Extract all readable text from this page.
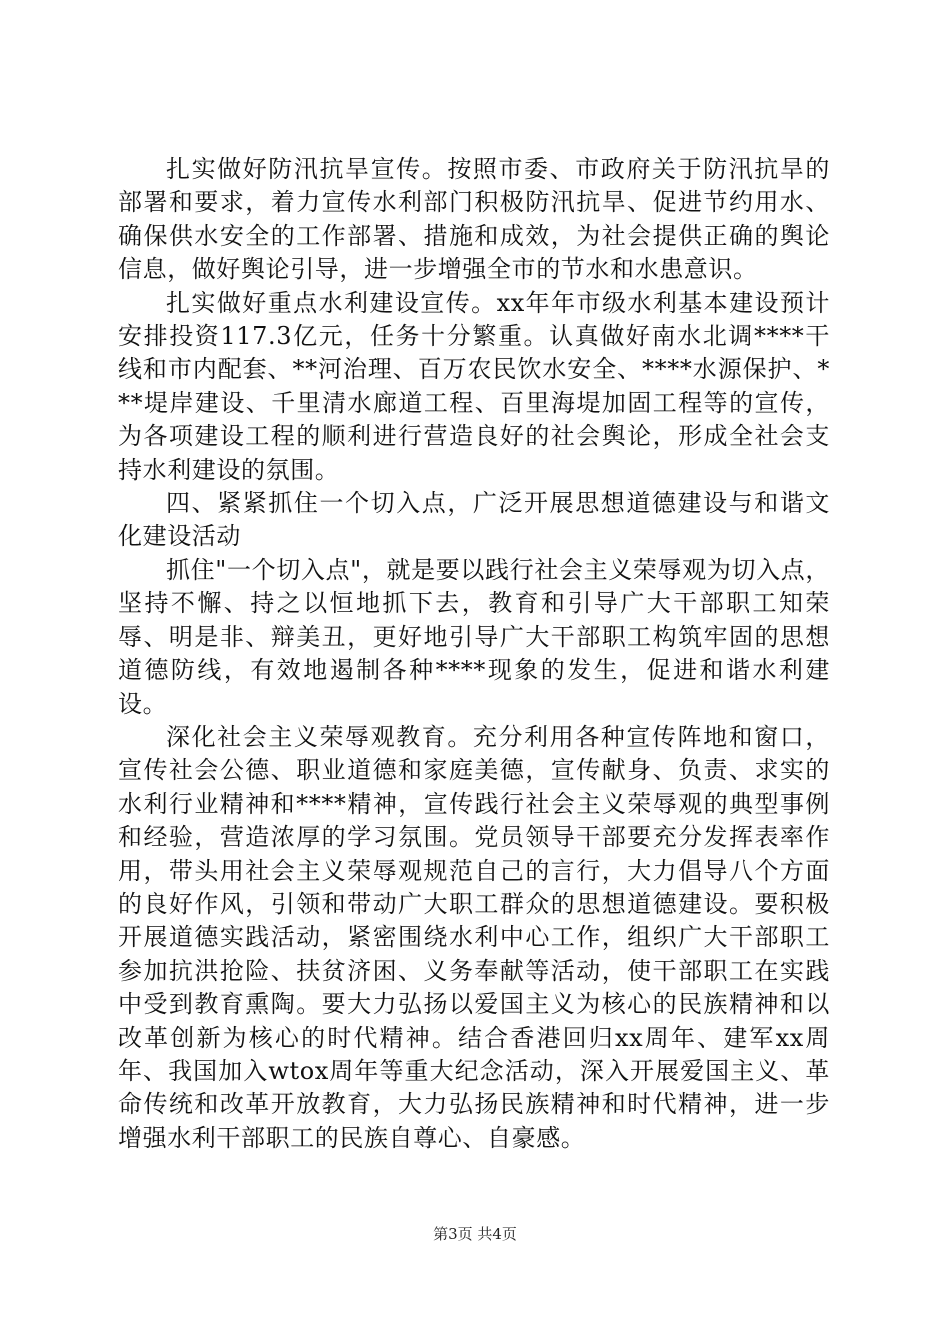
扎实做好防汛抗旱宣传。按照市委、市政府关于防汛抗旱的部署和要求，着力宣传水利部门积极防汛抗旱、促进节约用水、确保供水安全的工作部署、措施和成效，为社会提供正确的舆论信息，做好舆论引导，进一步增强全市的节水和水患意识。

扎实做好重点水利建设宣传。xx年年市级水利基本建设预计安排投资117.3亿元，任务十分繁重。认真做好南水北调****干线和市内配套、**河治理、百万农民饮水安全、****水源保护、***堤岸建设、千里清水廊道工程、百里海堤加固工程等的宣传，为各项建设工程的顺利进行营造良好的社会舆论，形成全社会支持水利建设的氛围。

四、紧紧抓住一个切入点，广泛开展思想道德建设与和谐文化建设活动

抓住"一个切入点"，就是要以践行社会主义荣辱观为切入点，坚持不懈、持之以恒地抓下去，教育和引导广大干部职工知荣辱、明是非、辩美丑，更好地引导广大干部职工构筑牢固的思想道德防线，有效地遏制各种****现象的发生，促进和谐水利建设。

深化社会主义荣辱观教育。充分利用各种宣传阵地和窗口，宣传社会公德、职业道德和家庭美德，宣传献身、负责、求实的水利行业精神和****精神，宣传践行社会主义荣辱观的典型事例和经验，营造浓厚的学习氛围。党员领导干部要充分发挥表率作用，带头用社会主义荣辱观规范自己的言行，大力倡导八个方面的良好作风，引领和带动广大职工群众的思想道德建设。要积极开展道德实践活动，紧密围绕水利中心工作，组织广大干部职工参加抗洪抢险、扶贫济困、义务奉献等活动，使干部职工在实践中受到教育熏陶。要大力弘扬以爱国主义为核心的民族精神和以改革创新为核心的时代精神。结合香港回归xx周年、建军xx周年、我国加入wtox周年等重大纪念活动，深入开展爱国主义、革命传统和改革开放教育，大力弘扬民族精神和时代精神，进一步增强水利干部职工的民族自尊心、自豪感。

第3页 共4页
